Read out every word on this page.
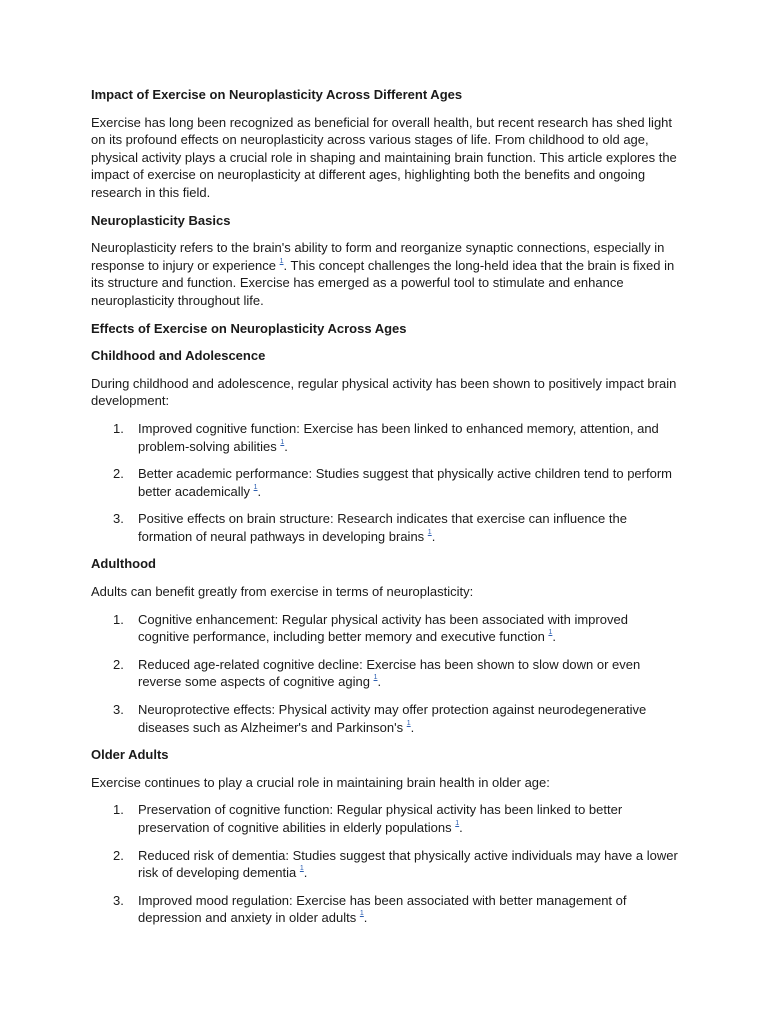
Impact of Exercise on Neuroplasticity Across Different Ages

Exercise has long been recognized as beneficial for overall health, but recent research has shed light on its profound effects on neuroplasticity across various stages of life. From childhood to old age, physical activity plays a crucial role in shaping and maintaining brain function. This article explores the impact of exercise on neuroplasticity at different ages, highlighting both the benefits and ongoing research in this field.

Neuroplasticity Basics

Neuroplasticity refers to the brain's ability to form and reorganize synaptic connections, especially in response to injury or experience $^1$. This concept challenges the long-held idea that the brain is fixed in its structure and function. Exercise has emerged as a powerful tool to stimulate and enhance neuroplasticity throughout life.

Effects of Exercise on Neuroplasticity Across Ages

Childhood and Adolescence

During childhood and adolescence, regular physical activity has been shown to positively impact brain development:

1. Improved cognitive function: Exercise has been linked to enhanced memory, attention, and problem-solving abilities $^1$.
2. Better academic performance: Studies suggest that physically active children tend to perform better academically $^1$.
3. Positive effects on brain structure: Research indicates that exercise can influence the formation of neural pathways in developing brains $^1$.

Adulthood

Adults can benefit greatly from exercise in terms of neuroplasticity:

1. Cognitive enhancement: Regular physical activity has been associated with improved cognitive performance, including better memory and executive function $^1$.
2. Reduced age-related cognitive decline: Exercise has been shown to slow down or even reverse some aspects of cognitive aging $^1$.
3. Neuroprotective effects: Physical activity may offer protection against neurodegenerative diseases such as Alzheimer's and Parkinson's $^1$.

Older Adults

Exercise continues to play a crucial role in maintaining brain health in older age:

1. Preservation of cognitive function: Regular physical activity has been linked to better preservation of cognitive abilities in elderly populations $^1$.
2. Reduced risk of dementia: Studies suggest that physically active individuals may have a lower risk of developing dementia $^1$.
3. Improved mood regulation: Exercise has been associated with better management of depression and anxiety in older adults $^1$.
